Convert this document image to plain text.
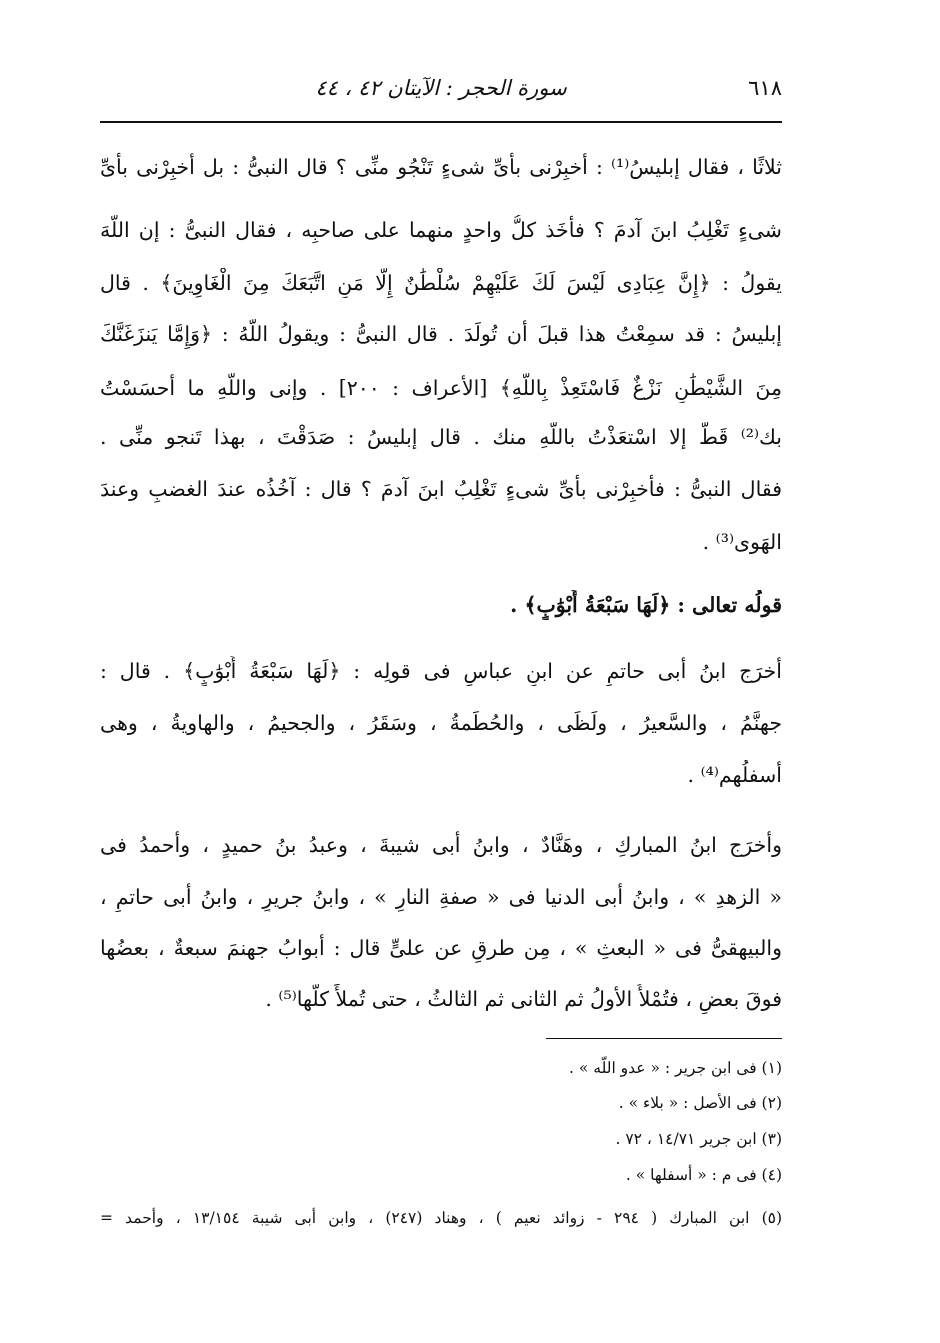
٦١٨
سورة الحجر : الآيتان ٤٢ ، ٤٤
ثلاثًا ، فقال إبليسُ⁽¹⁾ : أخبِرْنى بأىِّ شىءٍ تَنْجُو منِّى ؟ قال النبىُّ : بل أخبِرْنى بأىِّ
شىءٍ تَغْلِبُ ابنَ آدمَ ؟ فأخَذ كلُّ واحدٍ منهما على صاحبِه ، فقال النبىُّ : إن اللَّهَ
يقولُ : ﴿إِنَّ عِبَادِى لَيْسَ لَكَ عَلَيْهِمْ سُلْطَٰنٌ إِلَّا مَنِ اتَّبَعَكَ مِنَ الْغَاوِينَ﴾ . قال
إبليسُ : قد سمِعْتُ هذا قبلَ أن تُولَدَ . قال النبىُّ : ويقولُ اللَّهُ : ﴿وَإِمَّا يَنزَغَنَّكَ
مِنَ الشَّيْطَٰنِ نَزْغٌ فَاسْتَعِذْ بِاللَّهِ﴾ [الأعراف : ٢٠٠] . وإنى واللَّهِ ما أحسَسْتُ
بك⁽²⁾ قَطُّ إلا اسْتعَذْتُ باللَّهِ منك . قال إبليسُ : صَدَقْتَ ، بهذا تَنجو منِّى .
فقال النبىُّ : فأخبِرْنى بأىِّ شىءٍ تَغْلِبُ ابنَ آدمَ ؟ قال : آخُذُه عندَ الغضبِ وعندَ
الهَوى⁽³⁾ .
قولُه تعالى : ﴿لَهَا سَبْعَةُ أَبْوَٰبٍ﴾ .
أخرَج ابنُ أبى حاتمٍ عن ابنِ عباسٍ فى قولِه : ﴿لَهَا سَبْعَةُ أَبْوَٰبٍ﴾ . قال :
جهنَّمُ ، والسَّعيرُ ، ولَظَى ، والحُطَمةُ ، وسَقَرُ ، والجحيمُ ، والهاويةُ ، وهى
أسفلُهم⁽⁴⁾ .
وأخرَج ابنُ المباركِ ، وهَنَّادٌ ، وابنُ أبى شيبةَ ، وعبدُ بنُ حميدٍ ، وأحمدُ فى
« الزهدِ » ، وابنُ أبى الدنيا فى « صفةِ النارِ » ، وابنُ جريرٍ ، وابنُ أبى حاتمٍ ،
والبيهقىُّ فى « البعثِ » ، مِن طرقٍ عن علىٍّ قال : أبوابُ جهنمَ سبعةٌ ، بعضُها
فوقَ بعضٍ ، فتُمْلأُ الأولُ ثم الثانى ثم الثالثُ ، حتى تُملأَ كلُّها⁽⁵⁾ .
(١) فى ابن جرير : « عدو اللَّه » .
(٢) فى الأصل : « بلاء » .
(٣) ابن جرير ١٤/٧١ ، ٧٢ .
(٤) فى م : « أسفلها » .
(٥) ابن المبارك ( ٢٩٤ - زوائد نعيم ) ، وهناد (٢٤٧) ، وابن أبى شيبة ١٣/١٥٤ ، وأحمد =
